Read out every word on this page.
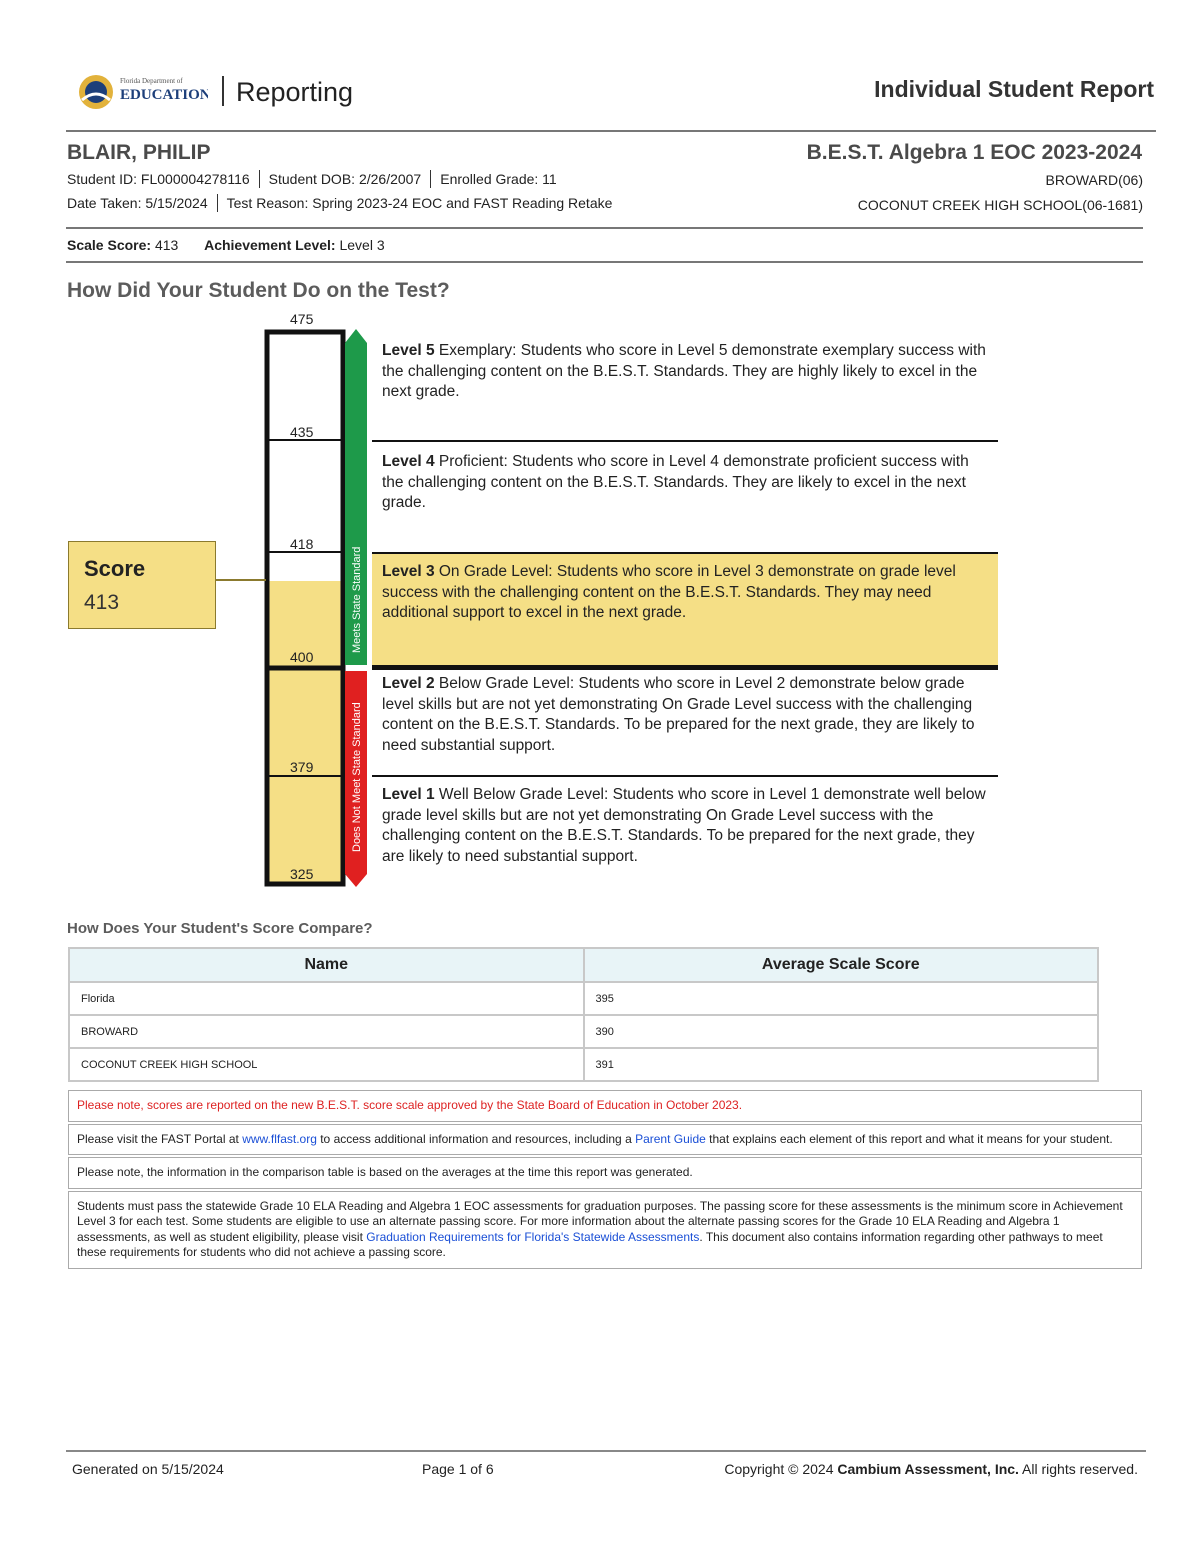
Florida Department of
EDUCATION Reporting	Individual Student Report
BLAIR, PHILIP	B.E.S.T. Algebra 1 EOC 2023-2024
Student ID: FL000004278116 Student DOB: 2/26/2007 Enrolled Grade: 11
Date Taken: 5/15/2024 Test Reason: Spring 2023-24 EOC and FAST Reading Retake
BROWARD(06)
COCONUT CREEK HIGH SCHOOL(06-1681)
Scale Score: 413 Achievement Level: Level 3
How Did Your Student Do on the Test?
Meets State Standard
Does Not Meet State Standard
475
435
418
400
379
325
Level 5 Exemplary: Students who score in Level 5 demonstrate exemplary success with the challenging content on the B.E.S.T. Standards. They are highly likely to excel in the next grade.
Level 4 Proficient: Students who score in Level 4 demonstrate proficient success with the challenging content on the B.E.S.T. Standards. They are likely to excel in the next grade.
Level 3 On Grade Level: Students who score in Level 3 demonstrate on grade level success with the challenging content on the B.E.S.T. Standards. They may need additional support to excel in the next grade.
Level 2 Below Grade Level: Students who score in Level 2 demonstrate below grade level skills but are not yet demonstrating On Grade Level success with the challenging content on the B.E.S.T. Standards. To be prepared for the next grade, they are likely to need substantial support.
Level 1 Well Below Grade Level: Students who score in Level 1 demonstrate well below grade level skills but are not yet demonstrating On Grade Level success with the challenging content on the B.E.S.T. Standards. To be prepared for the next grade, they are likely to need substantial support.
Score
413
How Does Your Student's Score Compare?
Name	Average Scale Score
Florida	395
BROWARD	390
COCONUT CREEK HIGH SCHOOL	391
Please note, scores are reported on the new B.E.S.T. score scale approved by the State Board of Education in October 2023.
Please visit the FAST Portal at www.flfast.org to access additional information and resources, including a Parent Guide that explains each element of this report and what it means for your student.
Please note, the information in the comparison table is based on the averages at the time this report was generated.
Students must pass the statewide Grade 10 ELA Reading and Algebra 1 EOC assessments for graduation purposes. The passing score for these assessments is the minimum score in Achievement Level 3 for each test. Some students are eligible to use an alternate passing score. For more information about the alternate passing scores for the Grade 10 ELA Reading and Algebra 1 assessments, as well as student eligibility, please visit Graduation Requirements for Florida's Statewide Assessments. This document also contains information regarding other pathways to meet these requirements for students who did not achieve a passing score.
Generated on 5/15/2024	Page 1 of 6	Copyright © 2024 Cambium Assessment, Inc. All rights reserved.
